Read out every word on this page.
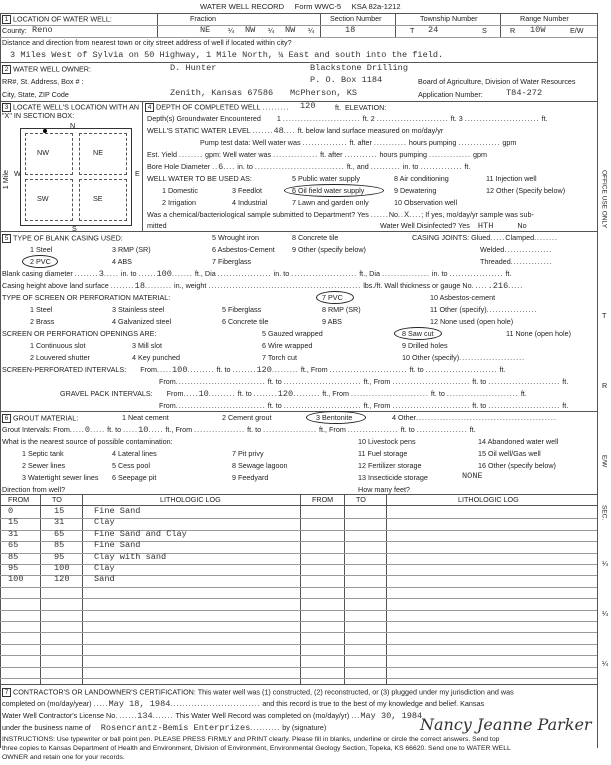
WATER WELL RECORD Form WWC-5 KSA 82a-1212
1 LOCATION OF WATER WELL:	Fraction	Section Number	Township Number	Range Number
County: Reno	NE ¼ NW ¼ NW ¼	18	T 24	S	R 10W	E/W
Distance and direction from nearest town or city street address of well if located within city?
3 Miles West of Sylvia on 50 Highway, 1 Mile North, ¼ East and south into the field.
2 WATER WELL OWNER:	D. Hunter	Blackstone Drilling
RR#, St. Address, Box # :	P. O. Box 1184	Board of Agriculture, Division of Water Resources
City, State, ZIP Code	Zenith, Kansas 67586 McPherson, KS	Application Number:	T84-272
3 LOCATE WELL'S LOCATION WITH AN "X" IN SECTION BOX:
N
NW	NE
SW	SE
W	E
S
1 Mile
4 DEPTH OF COMPLETED WELL ......... 120	ft. ELEVATION:
Depth(s) Groundwater Encountered 1 .......................... ft. 2 ........................ ft. 3 ......................... ft.
WELL'S STATIC WATER LEVEL .......48.... ft. below land surface measured on mo/day/yr
Pump test data: Well water was ............... ft. after ........... hours pumping .............. gpm
Est. Yield ........ gpm: Well water was ............... ft. after ........... hours pumping .............. gpm
Bore Hole Diameter ..6.... in. to .............................. ft., and .......... in. to .............. ft.
WELL WATER TO BE USED AS:
1 Domestic	3 Feedlot
5 Public water supply
6 Oil field water supply
8 Air conditioning
9 Dewatering
11 Injection well
12 Other (Specify below)
2 Irrigation	4 Industrial	7 Lawn and garden only	10 Observation well
Was a chemical/bacteriological sample submitted to Department? Yes ......No..X....; If yes, mo/day/yr sample was sub-
mitted	Water Well Disinfected? Yes HTH	No
5 TYPE OF BLANK CASING USED:	5 Wrought iron	8 Concrete tile	CASING JOINTS: Glued.....Clamped........
1 Steel	3 RMP (SR)	6 Asbestos-Cement 9 Other (specify below)	Welded................
2 PVC	4 ABS	7 Fiberglass	Threaded..............
Blank casing diameter ........3..... in. to ......100....... ft., Dia .................. in. to ...................... ft., Dia ................ in. to .................. ft.
Casing height above land surface ........18......... in., weight ................................................... lbs./ft. Wall thickness or gauge No. .....216.....
TYPE OF SCREEN OR PERFORATION MATERIAL:	7 PVC	10 Asbestos-cement
1 Steel	3 Stainless steel	5 Fiberglass	8 RMP (SR)	11 Other (specify).................
2 Brass	4 Galvanized steel	6 Concrete tile	9 ABS	12 None used (open hole)
SCREEN OR PERFORATION OPENINGS ARE:	5 Gauzed wrapped	8 Saw cut	11 None (open hole)
1 Continuous slot	3 Mill slot	6 Wire wrapped	9 Drilled holes
2 Louvered shutter	4 Key punched	7 Torch cut	10 Other (specify)......................
SCREEN-PERFORATED INTERVALS: From.....100......... ft. to ........120......... ft., From .......................... ft. to ........................ ft.
From.............................. ft. to .......................... ft., From .......................... ft. to ........................ ft.
GRAVEL PACK INTERVALS: From.....10......... ft. to ........120......... ft., From .......................... ft. to ........................ ft.
From.............................. ft. to .......................... ft., From .......................... ft. to ........................ ft.
6 GROUT MATERIAL:	1 Neat cement	2 Cement grout	3 Bentonite	4 Other...............................................
Grout Intervals: From.....0..... ft. to .....10..... ft., From ................. ft. to .................. ft., From ................. ft. to ................. ft.
What is the nearest source of possible contamination:	10 Livestock pens	14 Abandoned water well
1 Septic tank	4 Lateral lines	7 Pit privy	11 Fuel storage	15 Oil well/Gas well
2 Sewer lines	5 Cess pool	8 Sewage lagoon	12 Fertilizer storage	16 Other (specify below)
3 Watertight sewer lines 6 Seepage pit	9 Feedyard	13 Insecticide storage	NONE
Direction from well?	How many feet?
FROM	TO	LITHOLOGIC LOG	FROM	TO	LITHOLOGIC LOG
0	15	Fine Sand
15	31	Clay
31	65	Fine Sand and Clay
65	85	Fine Sand
85	95	Clay with sand
95	100	Clay
100	120	Sand
7 CONTRACTOR'S OR LANDOWNER'S CERTIFICATION: This water well was (1) constructed, (2) reconstructed, or (3) plugged under my jurisdiction and was
completed on (mo/day/year) .....May 18, 1984.............................. and this record is true to the best of my knowledge and belief. Kansas
Water Well Contractor's License No. ......134....... This Water Well Record was completed on (mo/day/yr) ...May 30, 1984
under the business name of Rosencrantz-Bemis Enterprizes.......... by (signature)	Nancy Jeanne Parker
INSTRUCTIONS: Use typewriter or ball point pen. PLEASE PRESS FIRMLY and PRINT clearly. Please fill in blanks, underline or circle the correct answers. Send top
three copies to Kansas Department of Health and Environment, Division of Environment, Environmental Geology Section, Topeka, KS 66620. Send one to WATER WELL
OWNER and retain one for your records.
OFFICE USE ONLY
T
R
E/W
SEC.
¼
¼
¼
